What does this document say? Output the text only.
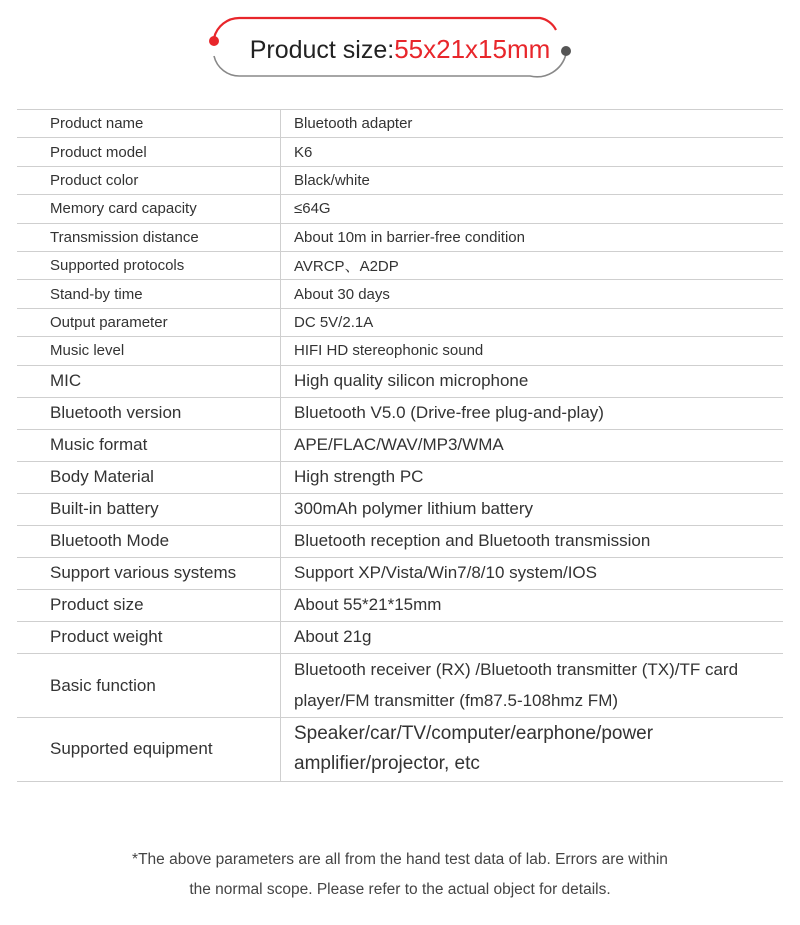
Product size:55x21x15mm
Product name	Bluetooth adapter
Product model	K6
Product color	Black/white
Memory card capacity	≤64G
Transmission distance	About 10m in barrier-free condition
Supported protocols	AVRCP、A2DP
Stand-by time	About 30 days
Output parameter	DC 5V/2.1A
Music level	HIFI HD stereophonic sound
MIC	High quality silicon microphone
Bluetooth version	Bluetooth V5.0 (Drive-free plug-and-play)
Music format	APE/FLAC/WAV/MP3/WMA
Body Material	High strength PC
Built-in battery	300mAh polymer lithium battery
Bluetooth Mode	Bluetooth reception and Bluetooth transmission
Support various systems	Support XP/Vista/Win7/8/10 system/IOS
Product size	About 55*21*15mm
Product weight	About 21g
Basic function	Bluetooth receiver (RX) /Bluetooth transmitter (TX)/TF card
player/FM transmitter (fm87.5-108hmz FM)

Supported equipment	Speaker/car/TV/computer/earphone/power
amplifier/projector, etc
*The above parameters are all from the hand test data of lab. Errors are within
the normal scope. Please refer to the actual object for details.
